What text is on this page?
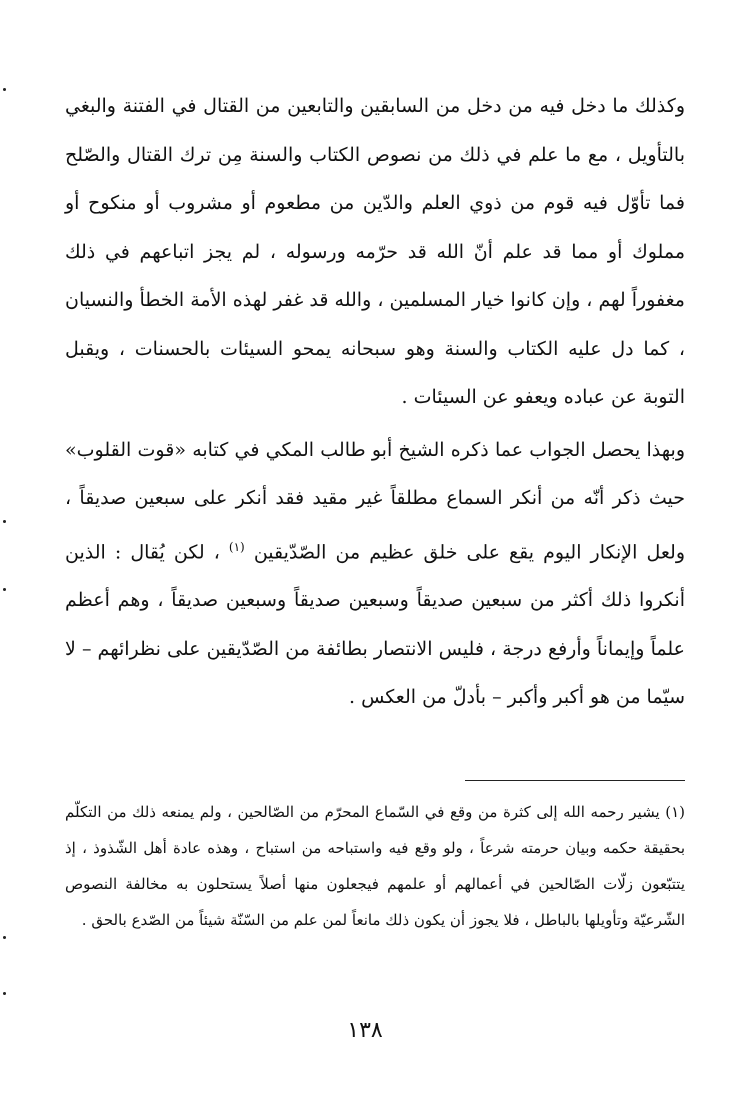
وكذلك ما دخل فيه من دخل من السابقين والتابعين من القتال في الفتنة والبغي بالتأويل ، مع ما علم في ذلك من نصوص الكتاب والسنة مِن ترك القتال والصّلح فما تأوّل فيه قوم من ذوي العلم والدّين من مطعوم أو مشروب أو منكوح أو مملوك أو مما قد علم أنّ الله قد حرّمه ورسوله ، لم يجز اتباعهم في ذلك مغفوراً لهم ، وإن كانوا خيار المسلمين ، والله قد غفر لهذه الأمة الخطأ والنسيان ، كما دل عليه الكتاب والسنة وهو سبحانه يمحو السيئات بالحسنات ، ويقبل التوبة عن عباده ويعفو عن السيئات .

وبهذا يحصل الجواب عما ذكره الشيخ أبو طالب المكي في كتابه «قوت القلوب» حيث ذكر أنّه من أنكر السماع مطلقاً غير مقيد فقد أنكر على سبعين صديقاً ، ولعل الإنكار اليوم يقع على خلق عظيم من الصّدّيقين $^{(١)}$ ، لكن يُقال : الذين أنكروا ذلك أكثر من سبعين صديقاً وسبعين صديقاً وسبعين صديقاً ، وهم أعظم علماً وإيماناً وأرفع درجة ، فليس الانتصار بطائفة من الصّدّيقين على نظرائهم – لا سيّما من هو أكبر وأكبر – بأدلّ من العكس .

(١) يشير رحمه الله إلى كثرة من وقع في السّماع المحرّم من الصّالحين ، ولم يمنعه ذلك من التكلّم بحقيقة حكمه وبيان حرمته شرعاً ، ولو وقع فيه واستباحه من استباح ، وهذه عادة أهل الشّذوذ ، إذ يتتبّعون زلّات الصّالحين في أعمالهم أو علمهم فيجعلون منها أصلاً يستحلون به مخالفة النصوص الشّرعيّة وتأويلها بالباطل ، فلا يجوز أن يكون ذلك مانعاً لمن علم من السّنّة شيئاً من الصّدع بالحق .

١٣٨
